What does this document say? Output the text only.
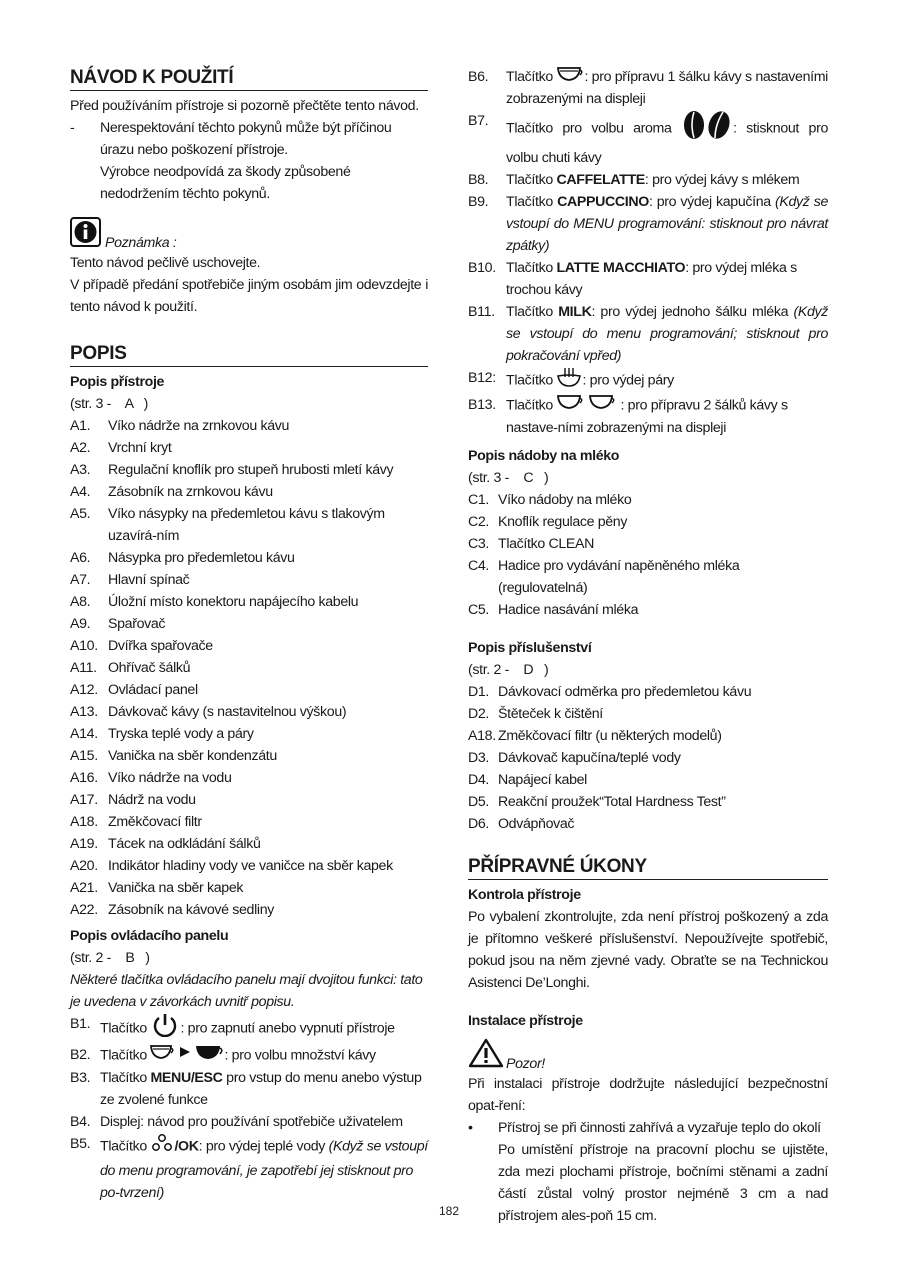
NÁVOD K POUŽITÍ
Před používáním přístroje si pozorně přečtěte tento návod.
-	Nerespektování těchto pokynů může být příčinou úrazu nebo poškození přístroje.
Výrobce neodpovídá za škody způsobené nedodržením těchto pokynů.
Poznámka :
Tento návod pečlivě uschovejte.
V případě předání spotřebiče jiným osobám jim odevzdejte i tento návod k použití.
POPIS
Popis přístroje
(str. 3 -    A   )
A1.	Víko nádrže na zrnkovou kávu
A2.	Vrchní kryt
A3.	Regulační knoflík pro stupeň hrubosti mletí kávy
A4.	Zásobník na zrnkovou kávu
A5.	Víko násypky na předemletou kávu s tlakovým uzavírá-ním
A6.	Násypka pro předemletou kávu
A7.	Hlavní spínač
A8.	Úložní místo konektoru napájecího kabelu
A9.	Spařovač
A10. Dvířka spařovače
A11. Ohřívač šálků
A12. Ovládací panel
A13. Dávkovač kávy (s nastavitelnou výškou)
A14. Tryska teplé vody a páry
A15. Vanička na sběr kondenzátu
A16. Víko nádrže na vodu
A17. Nádrž na vodu
A18. Změkčovací filtr
A19. Tácek na odkládání šálků
A20. Indikátor hladiny vody ve vaničce na sběr kapek
A21. Vanička na sběr kapek
A22. Zásobník na kávové sedliny
Popis ovládacího panelu
(str. 2 -    B   )
Některé tlačítka ovládacího panelu mají dvojitou funkci: tato je uvedena v závorkách uvnitř popisu.
B1. Tlačítko : pro zapnutí anebo vypnutí přístroje
B2. Tlačítko	: pro volbu množství kávy
B3. Tlačítko MENU/ESC pro vstup do menu anebo výstup ze zvolené funkce
B4. Displej: návod pro používání spotřebiče uživatelem
B5. Tlačítko /OK: pro výdej teplé vody (Když se vstoupí do menu programování, je zapotřebí jej stisknout pro po-tvrzení)
B6.	Tlačítko : pro přípravu 1 šálku kávy s nastaveními zobrazenými na displeji
B7.	Tlačítko pro volbu aroma	: stisknout pro volbu chuti kávy
B8.	Tlačítko CAFFELATTE: pro výdej kávy s mlékem
B9.	Tlačítko CAPPUCCINO: pro výdej kapučína (Když se vstoupí do MENU programování: stisknout pro návrat zpátky)
B10. Tlačítko LATTE MACCHIATO: pro výdej mléka s trochou kávy
B11. Tlačítko MILK: pro výdej jednoho šálku mléka (Když se vstoupí do menu programování; stisknout pro pokračování vpřed)
B12: Tlačítko : pro výdej páry
B13. Tlačítko	: pro přípravu 2 šálků kávy s nastave-ními zobrazenými na displeji
Popis nádoby na mléko
(str. 3 -    C   )
C1. Víko nádoby na mléko
C2. Knoflík regulace pěny
C3. Tlačítko CLEAN
C4. Hadice pro vydávání napěněného mléka (regulovatelná)
C5. Hadice nasávání mléka
Popis příslušenství
(str. 2 -    D   )
D1. Dávkovací odměrka pro předemletou kávu
D2. Štěteček k čištění
A18. Změkčovací filtr (u některých modelů)
D3. Dávkovač kapučína/teplé vody
D4. Napájecí kabel
D5. Reakční proužek“Total Hardness Test”
D6. Odvápňovač
PŘÍPRAVNÉ ÚKONY
Kontrola přístroje
Po vybalení zkontrolujte, zda není přístroj poškozený a zda je přítomno veškeré příslušenství. Nepoužívejte spotřebič, pokud jsou na něm zjevné vady. Obraťte se na Technickou Asistenci De’Longhi.
Instalace přístroje
Pozor!
Při instalaci přístroje dodržujte následující bezpečnostní opat-ření:
•	Přístroj se při činnosti zahřívá a vyzařuje teplo do okolí
Po umístění přístroje na pracovní plochu se ujistěte, zda mezi plochami přístroje, bočními stěnami a zadní částí zůstal volný prostor nejméně 3 cm a nad přístrojem ales-poň 15 cm.
182
